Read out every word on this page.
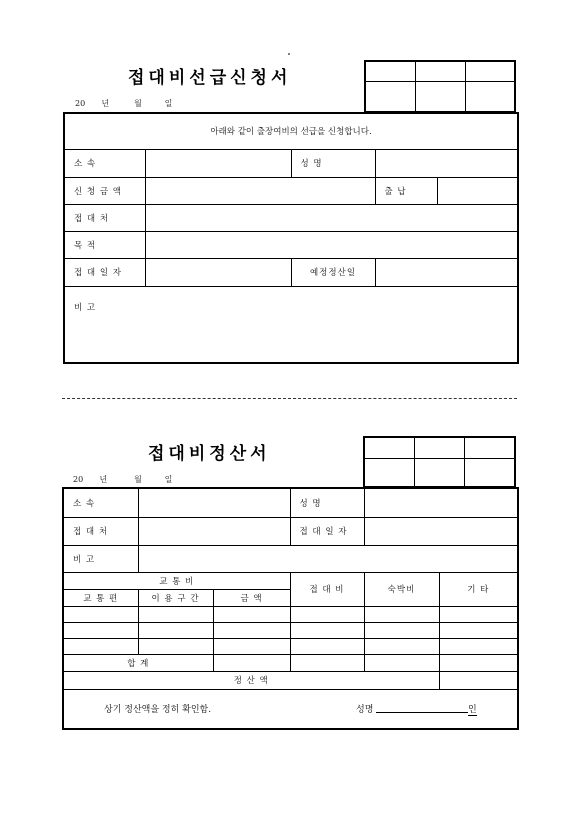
접대비선급신청서
20 년	월	일

아래와 같이 출장여비의 선급을 신청합니다.				
소 속		성 명		
신 청 금 액			출 납	
접 대 처				
목 적				
접 대 일 자		예정정산일		

비 고				
접대비정산서
20 년	월	일

소 속			성 명		
접 대 처			접 대 일 자		
비 고					
교 통 비			접 대 비	숙박비	기 타
교 통 편	이 용 구 간	금 액			

합 계					
정 산 액					

상기 정산액을 정히 확인함. 성명 인					
